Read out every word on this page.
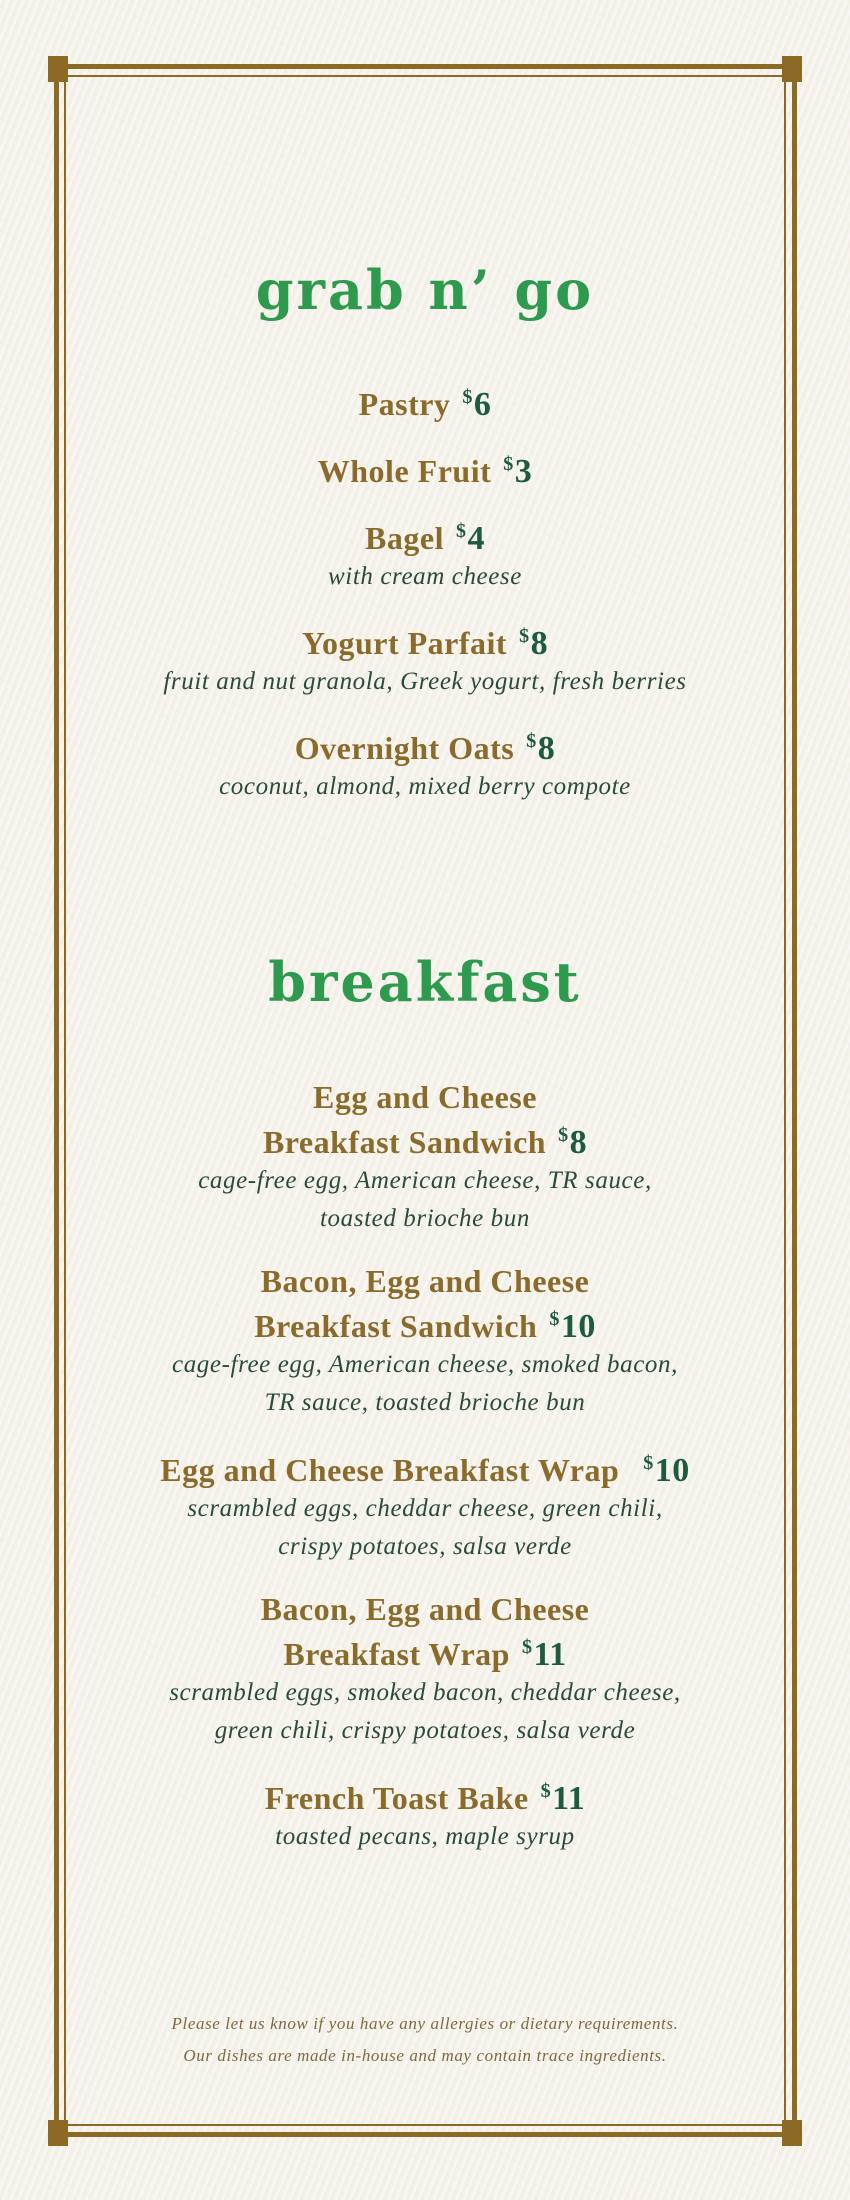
grab n’ go
Pastry $6
Whole Fruit $3
Bagel $4
with cream cheese
Yogurt Parfait $8
fruit and nut granola, Greek yogurt, fresh berries
Overnight Oats $8
coconut, almond, mixed berry compote
breakfast
Egg and Cheese
Breakfast Sandwich $8
cage-free egg, American cheese, TR sauce,
toasted brioche bun
Bacon, Egg and Cheese
Breakfast Sandwich $10
cage-free egg, American cheese, smoked bacon,
TR sauce, toasted brioche bun
Egg and Cheese Breakfast Wrap $10
scrambled eggs, cheddar cheese, green chili,
crispy potatoes, salsa verde
Bacon, Egg and Cheese
Breakfast Wrap $11
scrambled eggs, smoked bacon, cheddar cheese,
green chili, crispy potatoes, salsa verde
French Toast Bake $11
toasted pecans, maple syrup
Please let us know if you have any allergies or dietary requirements.
Our dishes are made in-house and may contain trace ingredients.
